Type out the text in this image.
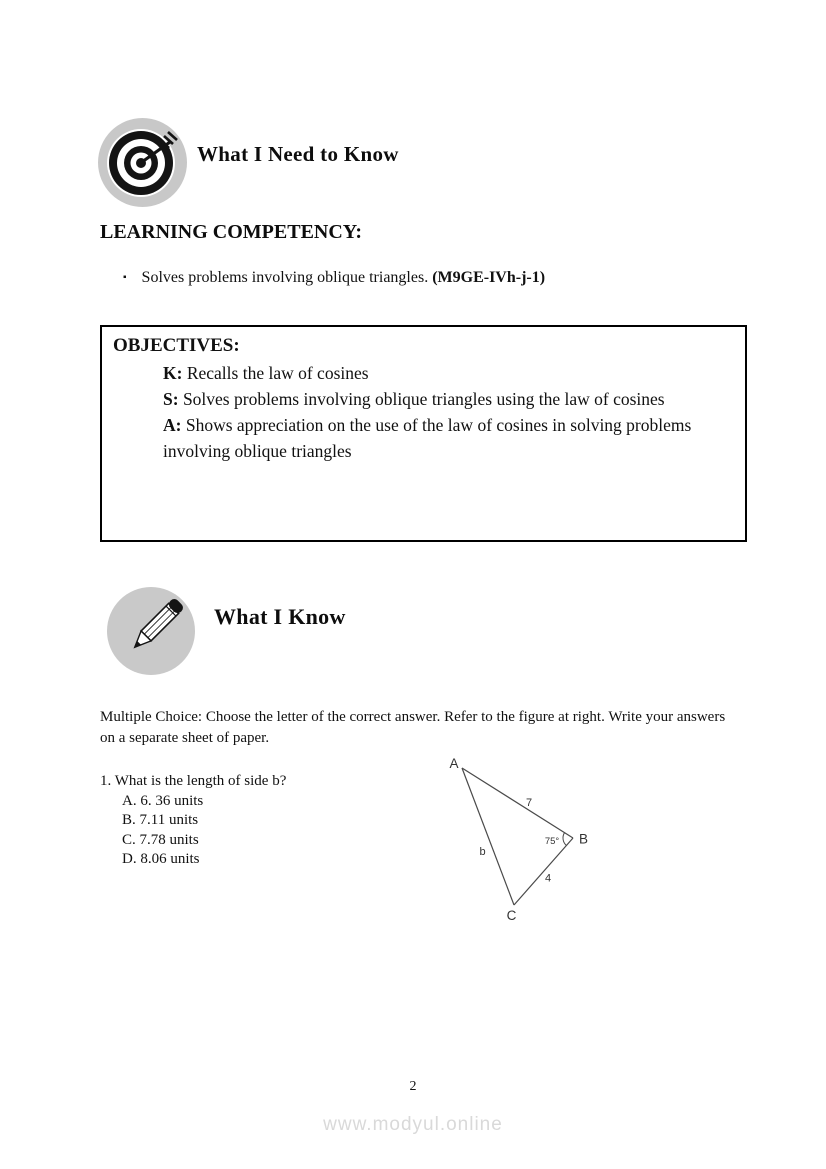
What I Need to Know
LEARNING COMPETENCY:
▪ Solves problems involving oblique triangles. (M9GE-IVh-j-1)
OBJECTIVES:
K: Recalls the law of cosines
S: Solves problems involving oblique triangles using the law of cosines
A: Shows appreciation on the use of the law of cosines in solving problems involving oblique triangles
What I Know
Multiple Choice: Choose the letter of the correct answer. Refer to the figure at right. Write your answers on a separate sheet of paper.
1. What is the length of side b?
A. 6. 36 units
B. 7.11 units
C. 7.78 units
D. 8.06 units
A
B
C
7
b
4
75°
2
www.modyul.online
